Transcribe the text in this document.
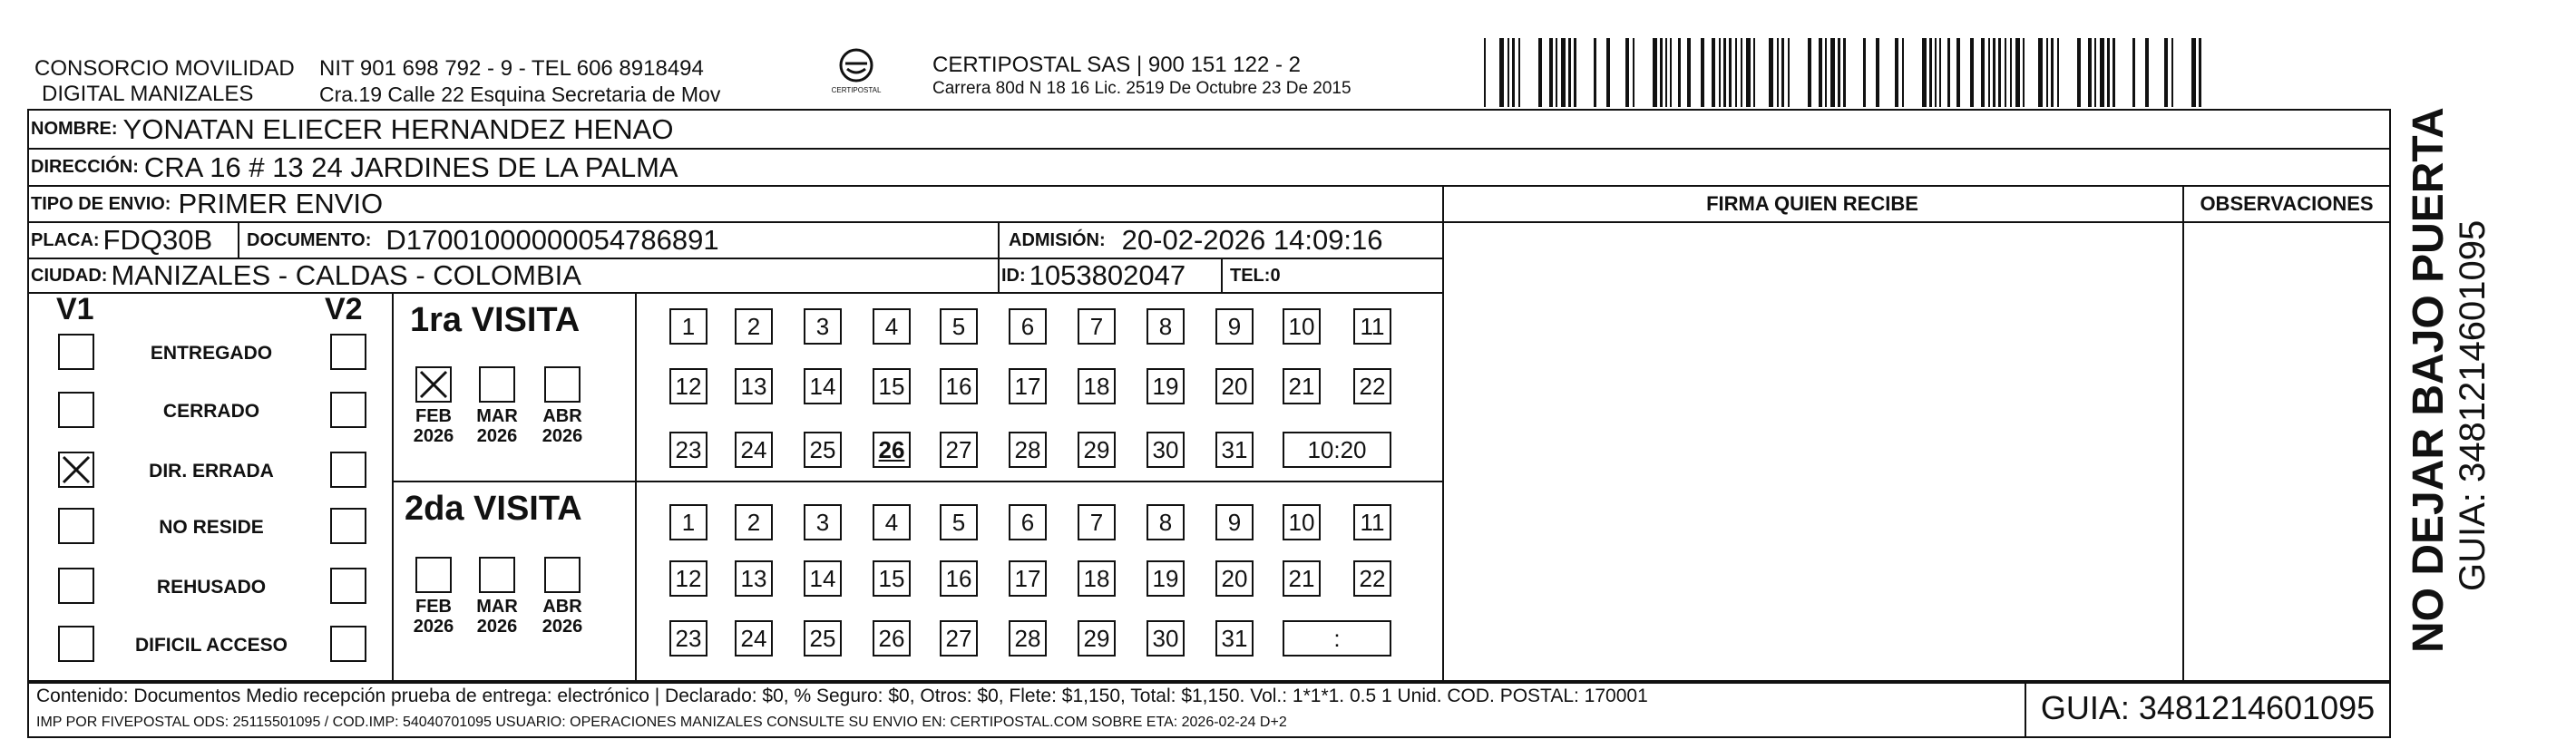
CONSORCIO MOVILIDAD
DIGITAL MANIZALES
NIT 901 698 792 - 9 - TEL 606 8918494
Cra.19 Calle 22 Esquina Secretaria de Mov	CERTIPOSTAL
CERTIPOSTAL SAS | 900 151 122 - 2
Carrera 80d N 18 16 Lic. 2519 De Octubre 23 De 2015
NOMBRE: YONATAN ELIECER HERNANDEZ HENAO
DIRECCIÓN: CRA 16 # 13 24 JARDINES DE LA PALMA
TIPO DE ENVIO: PRIMER ENVIO
PLACA: FDQ30B DOCUMENTO: D17001000000054786891	ADMISIÓN: 20-02-2026 14:09:16
CIUDAD: MANIZALES - CALDAS - COLOMBIA	ID: 1053802047 TEL: 0
FIRMA QUIEN RECIBE	OBSERVACIONES
V1	V2
ENTREGADO
CERRADO
DIR. ERRADA
NO RESIDE
REHUSADO
DIFICIL ACCESO
1ra VISITA
2da VISITA
FEB
2026
MAR
2026
ABR
2026
FEB
2026
MAR
2026
ABR
2026
1	2	3	4	5	6	7	8	9	10 11
12 13 14 15 16 17 18 19 20 21 22
23 24 25 26 27 28 29 30 31	10:20
1	2	3	4	5	6	7	8	9	10 11
12 13 14 15 16 17 18 19 20 21 22
23 24 25 26 27 28 29 30 31	:
Contenido: Documentos Medio recepción prueba de entrega: electrónico | Declarado: $0, % Seguro: $0, Otros: $0, Flete: $1,150, Total: $1,150. Vol.: 1*1*1. 0.5 1 Unid. COD. POSTAL: 170001
IMP POR FIVEPOSTAL ODS: 25115501095 / COD.IMP: 54040701095 USUARIO: OPERACIONES MANIZALES CONSULTE SU ENVIO EN: CERTIPOSTAL.COM SOBRE ETA: 2026-02-24 D+2	GUIA: 3481214601095
NO DEJAR BAJO PUERTA GUIA: 3481214601095
